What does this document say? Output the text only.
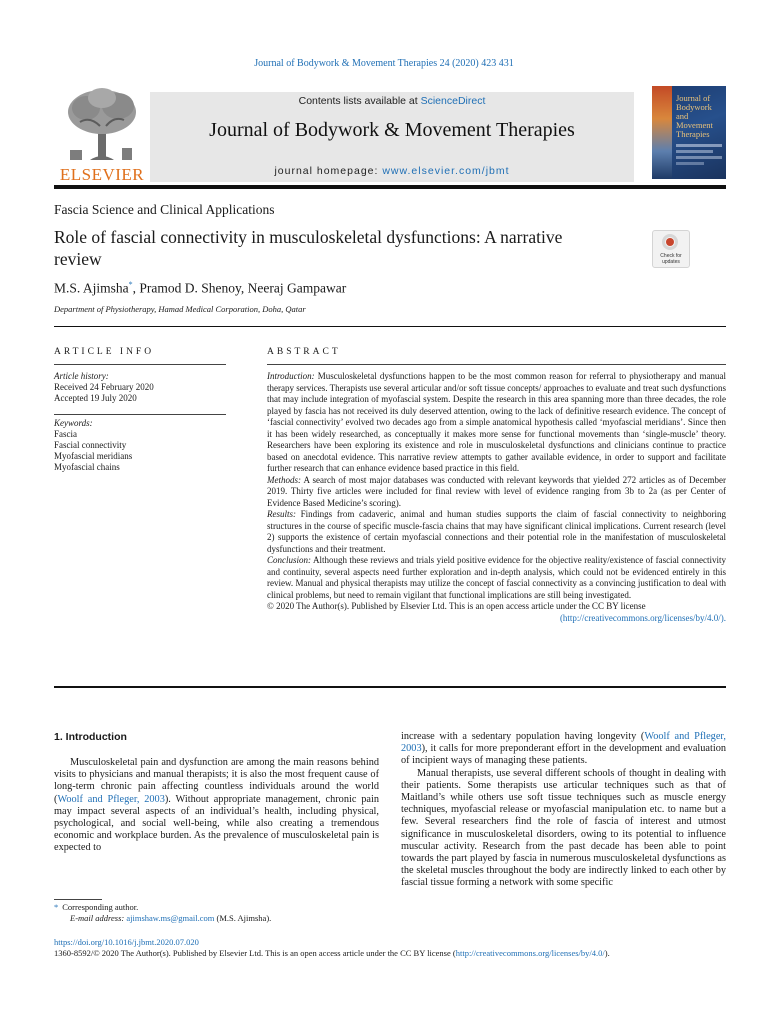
Journal of Bodywork & Movement Therapies 24 (2020) 423 431
ELSEVIER
Contents lists available at ScienceDirect
Journal of Bodywork & Movement Therapies
journal homepage: www.elsevier.com/jbmt
Journal of Bodywork and Movement Therapies
Fascia Science and Clinical Applications
Role of fascial connectivity in musculoskeletal dysfunctions: A narrative review	Check for updates
M.S. Ajimsha*, Pramod D. Shenoy, Neeraj Gampawar
Department of Physiotherapy, Hamad Medical Corporation, Doha, Qatar
ARTICLE INFO
Article history:
Received 24 February 2020
Accepted 19 July 2020
Keywords:
Fascia
Fascial connectivity
Myofascial meridians
Myofascial chains
ABSTRACT

Introduction: Musculoskeletal dysfunctions happen to be the most common reason for referral to physiotherapy and manual therapy services. Therapists use several articular and/or soft tissue concepts/ approaches to evaluate and treat such dysfunctions that may include integration of myofascial system. Despite the research in this area spanning more than three decades, the role played by fascia has not received its duly deserved attention, owing to the lack of definitive research evidence. The concept of ‘fascial connectivity’ evolved two decades ago from a simple anatomical hypothesis called ‘myofascial meridians’. Since then it has been widely researched, as conceptually it makes more sense for functional movements than ‘single-muscle’ theory. Researchers have been exploring its existence and role in musculoskeletal dysfunctions and clinicians continue to practice based on anecdotal evidence. This narrative review attempts to gather available evidence, in order to support and facilitate further research that can enhance evidence based practice in this field.

Methods: A search of most major databases was conducted with relevant keywords that yielded 272 articles as of December 2019. Thirty five articles were included for final review with level of evidence ranging from 3b to 2a (as per Center of Evidence Based Medicine’s scoring).

Results: Findings from cadaveric, animal and human studies supports the claim of fascial connectivity to neighboring structures in the course of specific muscle-fascia chains that may have significant clinical implications. Current research (level 2) supports the existence of certain myofascial connections and their potential role in the manifestation of musculoskeletal dysfunctions and their treatment.

Conclusion: Although these reviews and trials yield positive evidence for the objective reality/existence of fascial connectivity and continuity, several aspects need further exploration and in-depth analysis, which could not be evidenced entirely in this review. Manual and physical therapists may utilize the concept of fascial connectivity as a convincing justification to deal with clinical problems, but need to remain vigilant that functional implications are still being investigated.

© 2020 The Author(s). Published by Elsevier Ltd. This is an open access article under the CC BY license

(http://creativecommons.org/licenses/by/4.0/).

1. Introduction

Musculoskeletal pain and dysfunction are among the main reasons behind visits to physicians and manual therapists; it is also the most frequent cause of long-term chronic pain affecting countless individuals around the world (Woolf and Pfleger, 2003). Without appropriate management, chronic pain may impact several aspects of an individual’s health, including physical, psychological, and social well-being, while also creating a tremendous economic and workplace burden. As the prevalence of musculoskeletal pain is expected to

increase with a sedentary population having longevity (Woolf and Pfleger, 2003), it calls for more preponderant effort in the development and evaluation of incipient ways of managing these patients.

Manual therapists, use several different schools of thought in dealing with their patients. Some therapists use articular techniques such as that of Maitland’s while others use soft tissue techniques such as muscle energy techniques, myofascial release or myofascial manipulation etc. to name but a few. Several researchers find the role of fascia of interest and utmost significance in musculoskeletal disorders, owing to its potential to influence muscular activity. Research from the past decade has been able to point towards the part played by fascia in numerous musculoskeletal dysfunctions as the skeletal muscles throughout the body are indirectly linked to each other by fascial tissue forming a network with some specific

* Corresponding author.
E-mail address: ajimshaw.ms@gmail.com (M.S. Ajimsha).
https://doi.org/10.1016/j.jbmt.2020.07.020
1360-8592/© 2020 The Author(s). Published by Elsevier Ltd. This is an open access article under the CC BY license (http://creativecommons.org/licenses/by/4.0/).
